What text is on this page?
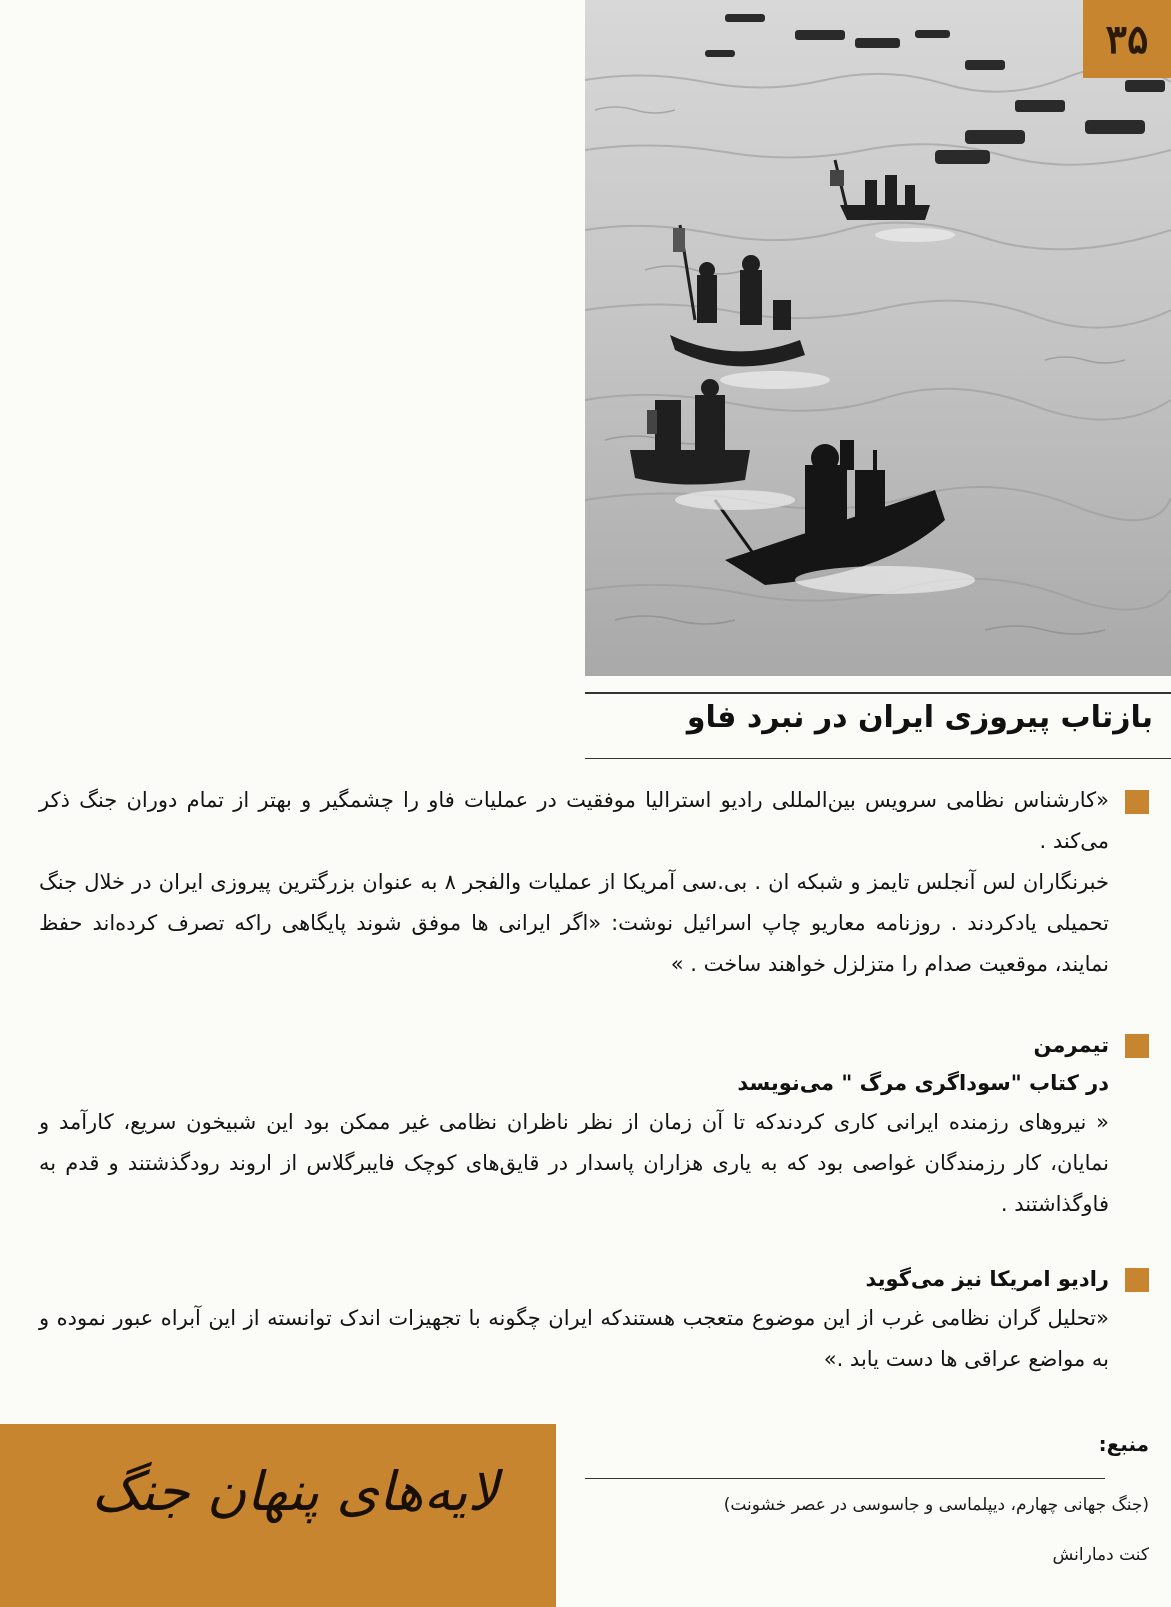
۳۵
بازتاب پیروزی ایران در نبرد فاو
«کارشناس نظامی سرویس بین‌المللی رادیو استرالیا موفقیت در عملیات فاو را چشمگیر و بهتر از تمام دوران جنگ ذکر می‌کند .
خبرنگاران لس آنجلس تایمز و شبکه ان . بی.سی آمریکا از عملیات والفجر ۸ به عنوان بزرگترین پیروزی ایران در خلال جنگ تحمیلی یادکردند . روزنامه معاریو چاپ اسرائیل نوشت: «اگر ایرانی ها موفق شوند پایگاهی راکه تصرف کرده‌اند حفظ نمایند، موقعیت صدام را متزلزل خواهند ساخت . »
تیمرمن
در کتاب "سوداگری مرگ " می‌نویسد
« نیروهای رزمنده ایرانی کاری کردندکه تا آن زمان از نظر ناظران نظامی غیر ممکن بود این شبیخون سریع، کارآمد و نمایان، کار رزمندگان غواصی بود که به یاری هزاران پاسدار در قایق‌های کوچک فایبرگلاس از اروند رودگذشتند و قدم به فاوگذاشتند .
رادیو امریکا نیز می‌گوید
«تحلیل گران نظامی غرب از این موضوع متعجب هستندکه ایران چگونه با تجهیزات اندک توانسته از این آبراه عبور نموده و به مواضع عراقی ها دست یابد .»
لایه‌های پنهان جنگ
منبع:
(جنگ جهانی چهارم، دیپلماسی و جاسوسی در عصر خشونت)
کنت دمارانش
